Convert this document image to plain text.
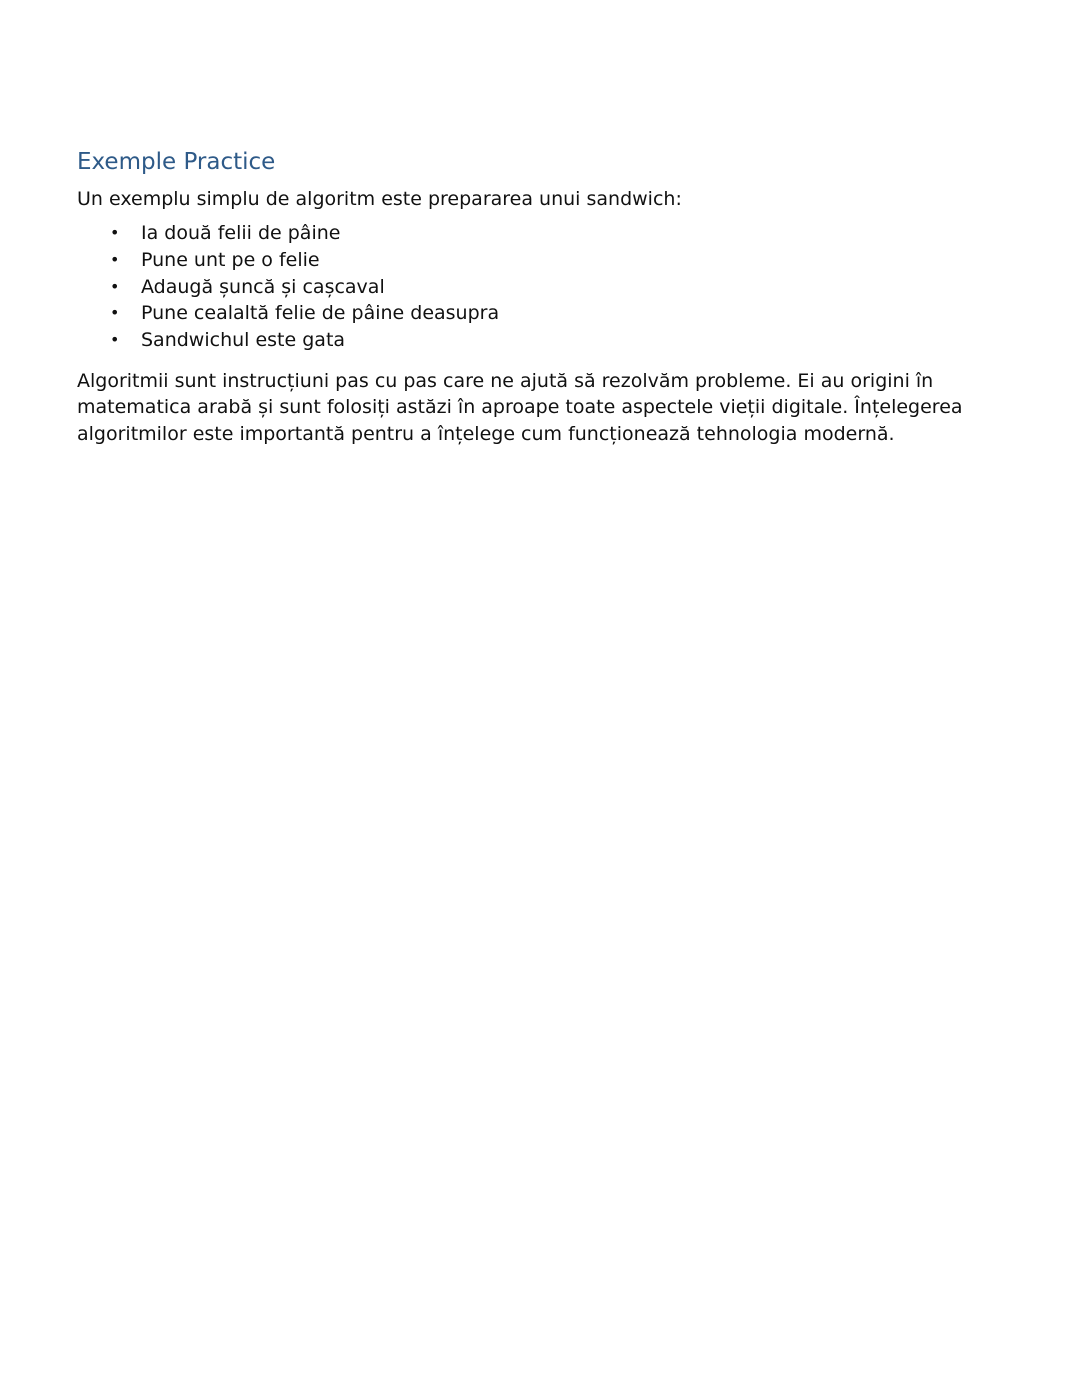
Exemple Practice

Un exemplu simplu de algoritm este prepararea unui sandwich:

• Ia două felii de pâine
• Pune unt pe o felie
• Adaugă șuncă și cașcaval
• Pune cealaltă felie de pâine deasupra
• Sandwichul este gata

Algoritmii sunt instrucțiuni pas cu pas care ne ajută să rezolvăm probleme. Ei au origini în matematica arabă și sunt folosiți astăzi în aproape toate aspectele vieții digitale. Înțelegerea algoritmilor este importantă pentru a înțelege cum funcționează tehnologia modernă.
